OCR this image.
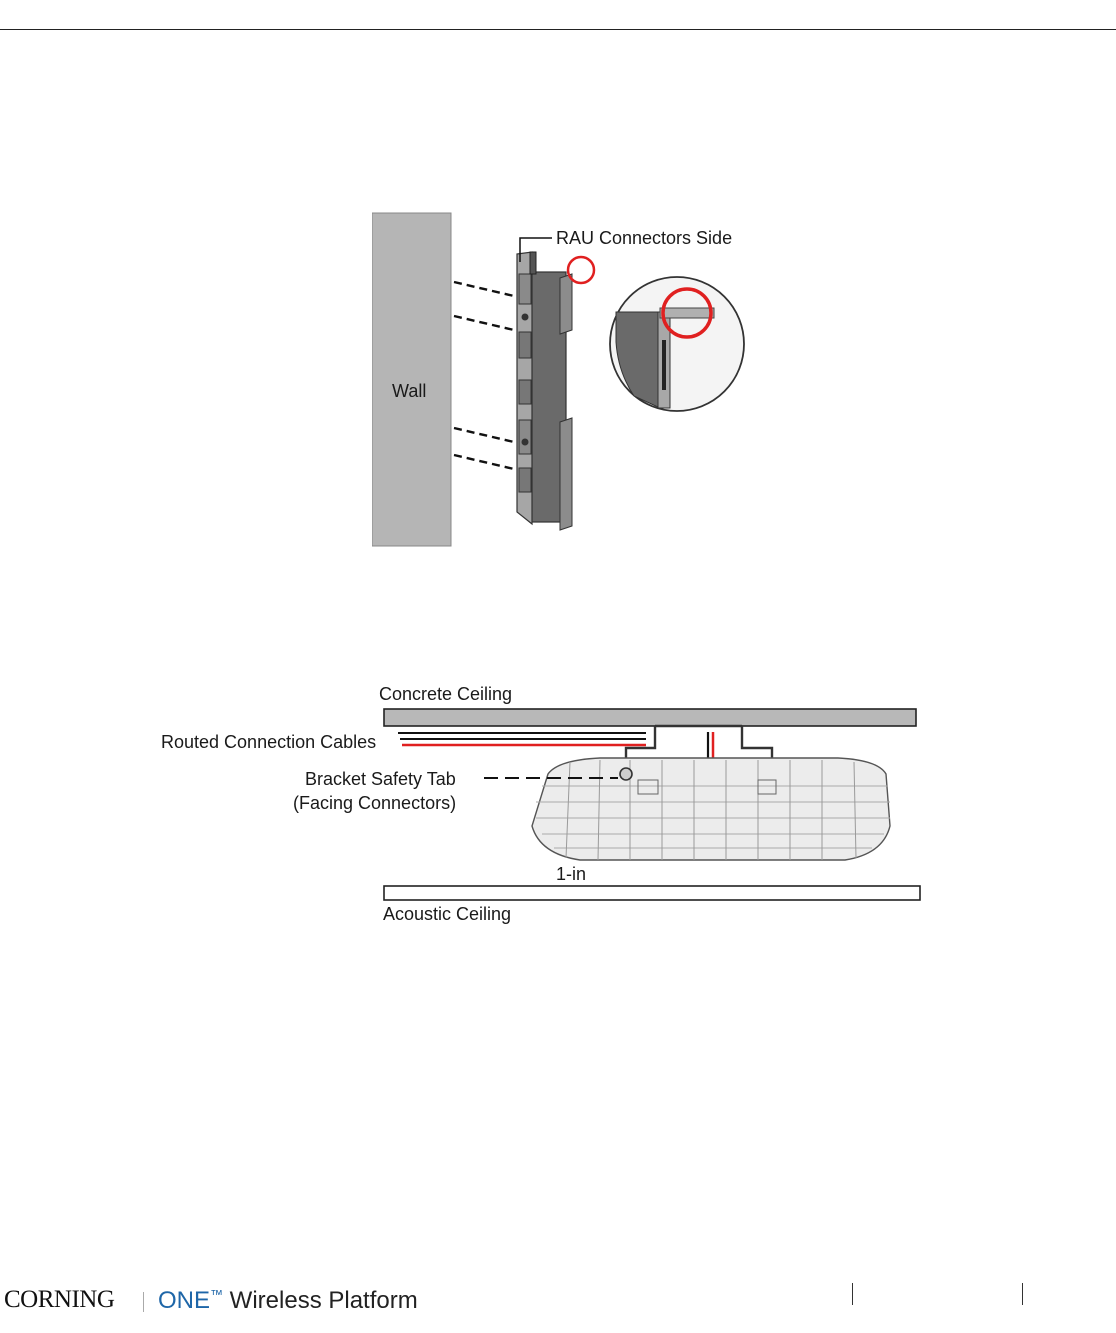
RAU Connectors Side
Wall
Concrete Ceiling
Routed Connection Cables
Bracket Safety Tab
(Facing Connectors)
1-in
Acoustic Ceiling
CORNING ONE™ Wireless Platform
